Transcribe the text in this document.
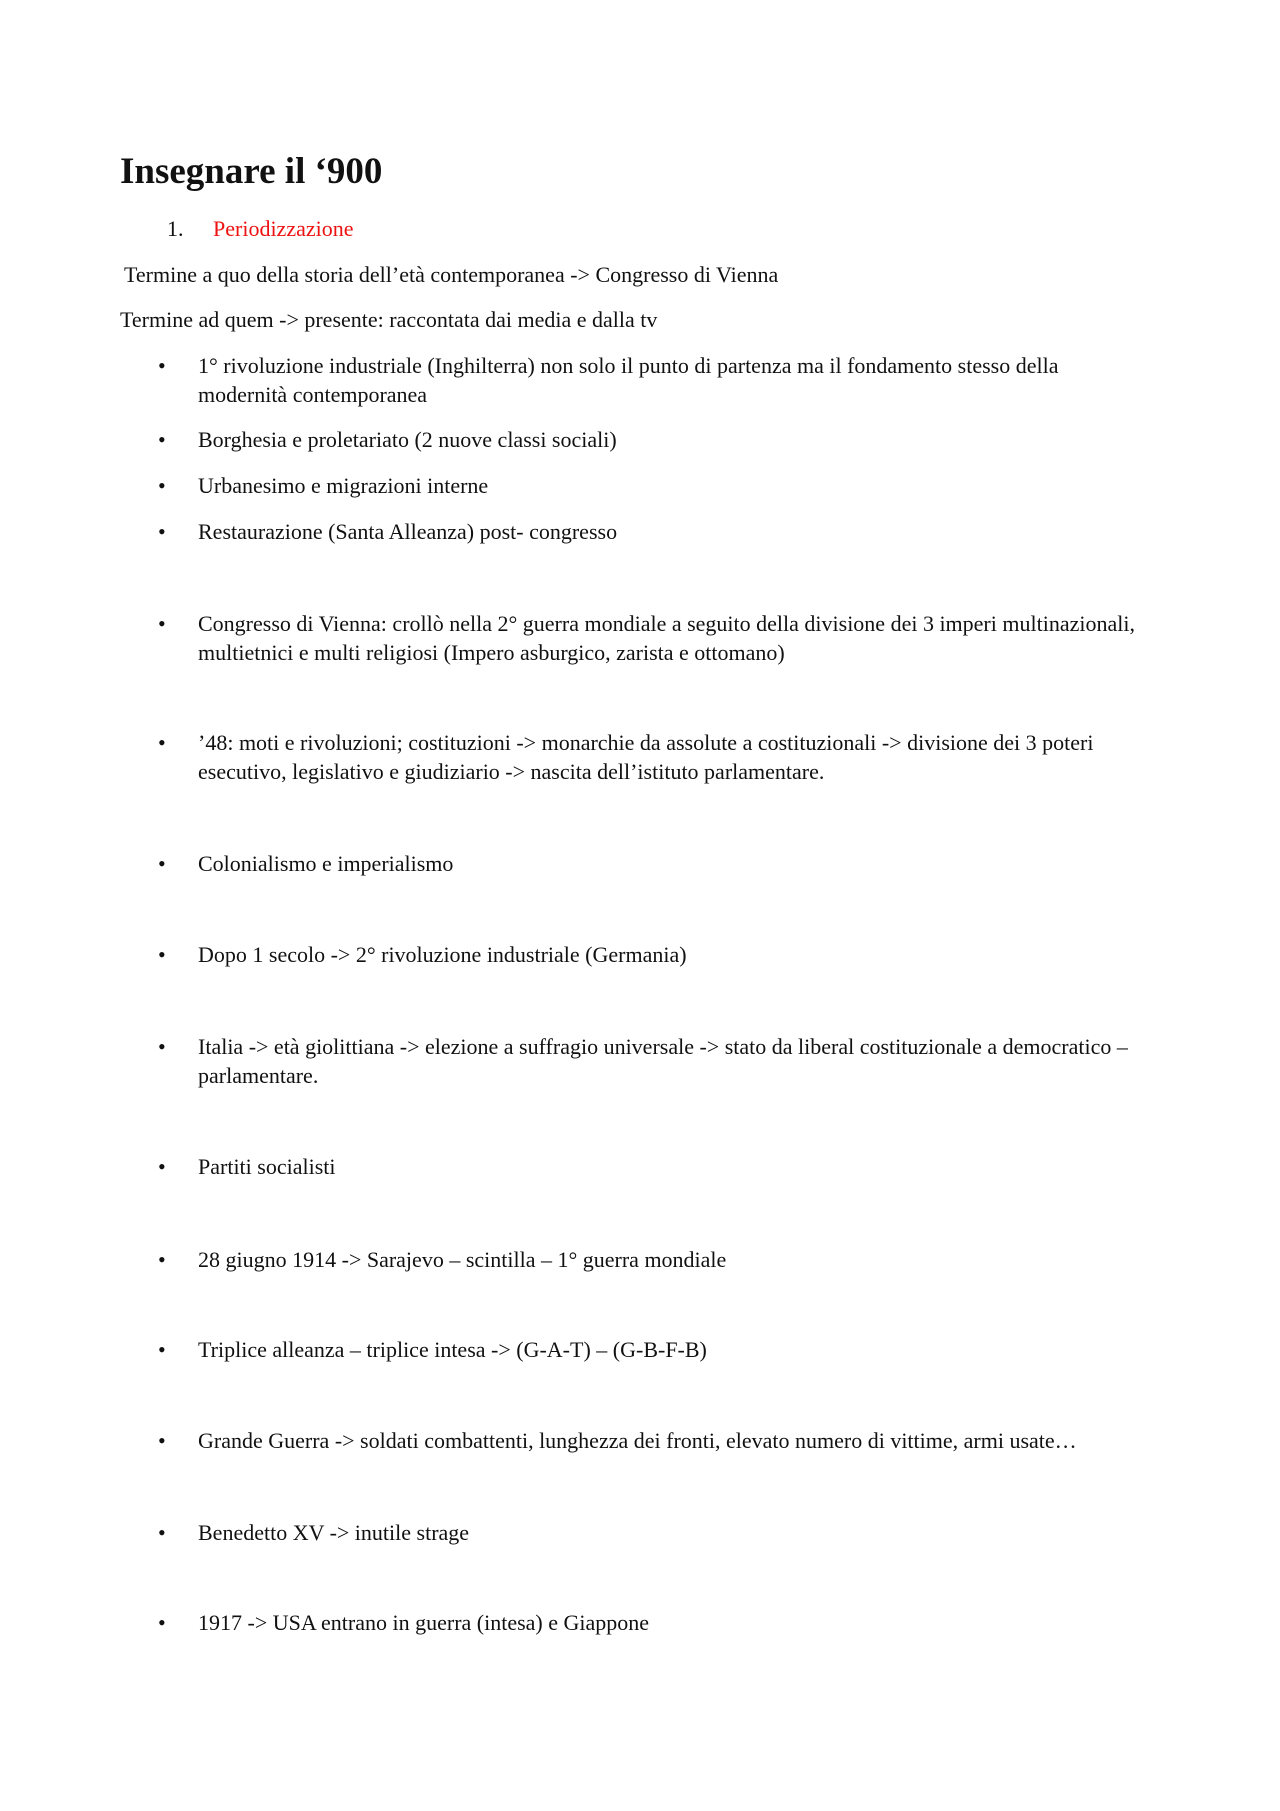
Insegnare il ‘900
1. Periodizzazione
Termine a quo della storia dell’età contemporanea -> Congresso di Vienna
Termine ad quem -> presente: raccontata dai media e dalla tv
•	1° rivoluzione industriale (Inghilterra) non solo il punto di partenza ma il fondamento stesso della modernità contemporanea
•	Borghesia e proletariato (2 nuove classi sociali)
•	Urbanesimo e migrazioni interne
•	Restaurazione (Santa Alleanza) post- congresso
•	Congresso di Vienna: crollò nella 2° guerra mondiale a seguito della divisione dei 3 imperi multinazionali, multietnici e multi religiosi (Impero asburgico, zarista e ottomano)
•	’48: moti e rivoluzioni; costituzioni -> monarchie da assolute a costituzionali -> divisione dei 3 poteri esecutivo, legislativo e giudiziario -> nascita dell’istituto parlamentare.
•	Colonialismo e imperialismo
•	Dopo 1 secolo -> 2° rivoluzione industriale (Germania)
•	Italia -> età giolittiana -> elezione a suffragio universale -> stato da liberal costituzionale a democratico – parlamentare.
•	Partiti socialisti
•	28 giugno 1914 -> Sarajevo – scintilla – 1° guerra mondiale
•	Triplice alleanza – triplice intesa -> (G-A-T) – (G-B-F-B)
•	Grande Guerra -> soldati combattenti, lunghezza dei fronti, elevato numero di vittime, armi usate…
•	Benedetto XV -> inutile strage
•	1917 -> USA entrano in guerra (intesa) e Giappone
